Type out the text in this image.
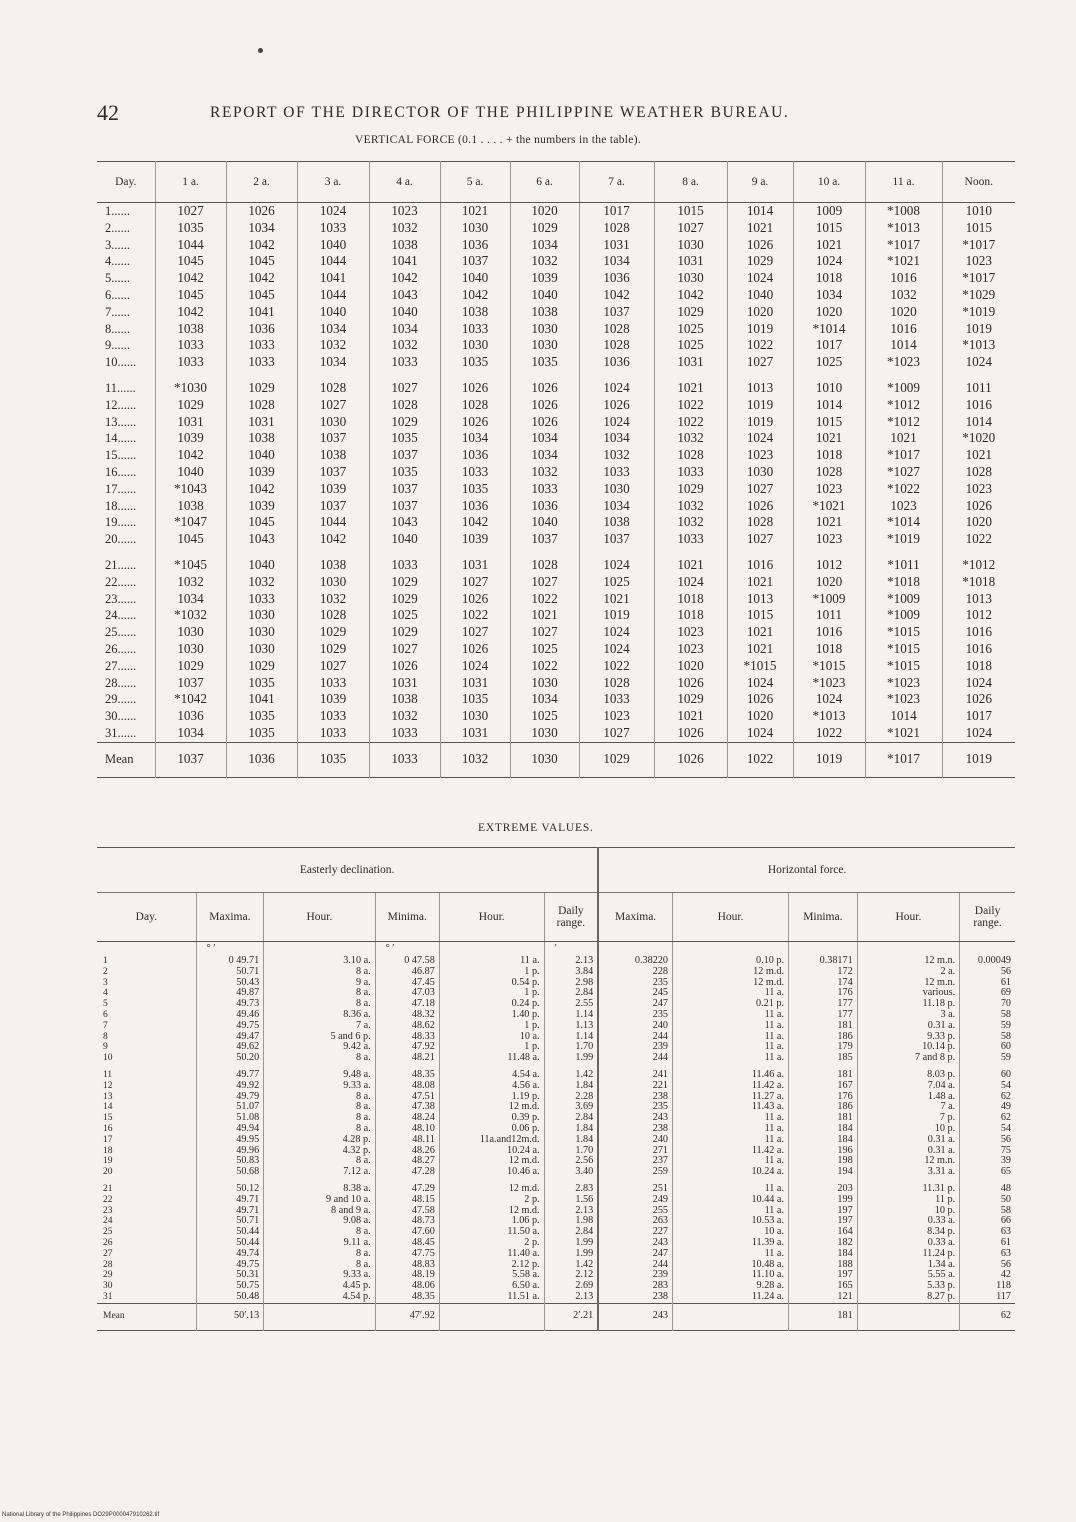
42	REPORT OF THE DIRECTOR OF THE PHILIPPINE WEATHER BUREAU.
VERTICAL FORCE (0.1 . . . . + the numbers in the table).
Day.	1 a.	2 a.	3 a.	4 a.	5 a.	6 a.	7 a.	8 a.	9 a.	10 a.	11 a.	Noon.
1......	1027	1026	1024	1023	1021	1020	1017	1015	1014	1009	*1008	1010
2......	1035	1034	1033	1032	1030	1029	1028	1027	1021	1015	*1013	1015
3......	1044	1042	1040	1038	1036	1034	1031	1030	1026	1021	*1017	*1017
4......	1045	1045	1044	1041	1037	1032	1034	1031	1029	1024	*1021	1023
5......	1042	1042	1041	1042	1040	1039	1036	1030	1024	1018	1016	*1017
6......	1045	1045	1044	1043	1042	1040	1042	1042	1040	1034	1032	*1029
7......	1042	1041	1040	1040	1038	1038	1037	1029	1020	1020	1020	*1019
8......	1038	1036	1034	1034	1033	1030	1028	1025	1019	*1014	1016	1019
9......	1033	1033	1032	1032	1030	1030	1028	1025	1022	1017	1014	*1013
10......	1033	1033	1034	1033	1035	1035	1036	1031	1027	1025	*1023	1024

11......	*1030	1029	1028	1027	1026	1026	1024	1021	1013	1010	*1009	1011
12......	1029	1028	1027	1028	1028	1026	1026	1022	1019	1014	*1012	1016
13......	1031	1031	1030	1029	1026	1026	1024	1022	1019	1015	*1012	1014
14......	1039	1038	1037	1035	1034	1034	1034	1032	1024	1021	1021	*1020
15......	1042	1040	1038	1037	1036	1034	1032	1028	1023	1018	*1017	1021
16......	1040	1039	1037	1035	1033	1032	1033	1033	1030	1028	*1027	1028
17......	*1043	1042	1039	1037	1035	1033	1030	1029	1027	1023	*1022	1023
18......	1038	1039	1037	1037	1036	1036	1034	1032	1026	*1021	1023	1026
19......	*1047	1045	1044	1043	1042	1040	1038	1032	1028	1021	*1014	1020
20......	1045	1043	1042	1040	1039	1037	1037	1033	1027	1023	*1019	1022

21......	*1045	1040	1038	1033	1031	1028	1024	1021	1016	1012	*1011	*1012
22......	1032	1032	1030	1029	1027	1027	1025	1024	1021	1020	*1018	*1018
23......	1034	1033	1032	1029	1026	1022	1021	1018	1013	*1009	*1009	1013
24......	*1032	1030	1028	1025	1022	1021	1019	1018	1015	1011	*1009	1012
25......	1030	1030	1029	1029	1027	1027	1024	1023	1021	1016	*1015	1016
26......	1030	1030	1029	1027	1026	1025	1024	1023	1021	1018	*1015	1016
27......	1029	1029	1027	1026	1024	1022	1022	1020	*1015	*1015	*1015	1018
28......	1037	1035	1033	1031	1031	1030	1028	1026	1024	*1023	*1023	1024
29......	*1042	1041	1039	1038	1035	1034	1033	1029	1026	1024	*1023	1026
30......	1036	1035	1033	1032	1030	1025	1023	1021	1020	*1013	1014	1017
31......	1034	1035	1033	1033	1031	1030	1027	1026	1024	1022	*1021	1024
Mean	1037	1036	1035	1033	1032	1030	1029	1026	1022	1019	*1017	1019
EXTREME VALUES.
Easterly declination.						Horizontal force.				
Day.	Maxima.	Hour.	Minima.	Hour.	Daily range.	Maxima.	Hour.	Minima.	Hour.	Daily range.
	° ′		° ′		′					
1	0 49.71	3.10 a.	0 47.58	11 a.	2.13	0.38220	0.10 p.	0.38171	12 m.n.	0.00049
2	50.71	8 a.	46.87	1 p.	3.84	228	12 m.d.	172	2 a.	56
3	50.43	9 a.	47.45	0.54 p.	2.98	235	12 m.d.	174	12 m.n.	61
4	49.87	8 a.	47.03	1 p.	2.84	245	11 a.	176	various.	69
5	49.73	8 a.	47.18	0.24 p.	2.55	247	0.21 p.	177	11.18 p.	70
6	49.46	8.36 a.	48.32	1.40 p.	1.14	235	11 a.	177	3 a.	58
7	49.75	7 a.	48.62	1 p.	1.13	240	11 a.	181	0.31 a.	59
8	49.47	5 and 6 p.	48.33	10 a.	1.14	244	11 a.	186	9.33 p.	58
9	49.62	9.42 a.	47.92	1 p.	1.70	239	11 a.	179	10.14 p.	60
10	50.20	8 a.	48.21	11.48 a.	1.99	244	11 a.	185	7 and 8 p.	59

11	49.77	9.48 a.	48.35	4.54 a.	1.42	241	11.46 a.	181	8.03 p.	60
12	49.92	9.33 a.	48.08	4.56 a.	1.84	221	11.42 a.	167	7.04 a.	54
13	49.79	8 a.	47.51	1.19 p.	2.28	238	11.27 a.	176	1.48 a.	62
14	51.07	8 a.	47.38	12 m.d.	3.69	235	11.43 a.	186	7 a.	49
15	51.08	8 a.	48.24	0.39 p.	2.84	243	11 a.	181	7 p.	62
16	49.94	8 a.	48.10	0.06 p.	1.84	238	11 a.	184	10 p.	54
17	49.95	4.28 p.	48.11	11a.and12m.d.	1.84	240	11 a.	184	0.31 a.	56
18	49.96	4.32 p.	48.26	10.24 a.	1.70	271	11.42 a.	196	0.31 a.	75
19	50.83	8 a.	48.27	12 m.d.	2.56	237	11 a.	198	12 m.n.	39
20	50.68	7.12 a.	47.28	10.46 a.	3.40	259	10.24 a.	194	3.31 a.	65

21	50.12	8.38 a.	47.29	12 m.d.	2.83	251	11 a.	203	11.31 p.	48
22	49.71	9 and 10 a.	48.15	2 p.	1.56	249	10.44 a.	199	11 p.	50
23	49.71	8 and 9 a.	47.58	12 m.d.	2.13	255	11 a.	197	10 p.	58
24	50.71	9.08 a.	48.73	1.06 p.	1.98	263	10.53 a.	197	0.33 a.	66
25	50.44	8 a.	47.60	11.50 a.	2.84	227	10 a.	164	8.34 p.	63
26	50.44	9.11 a.	48.45	2 p.	1.99	243	11.39 a.	182	0.33 a.	61
27	49.74	8 a.	47.75	11.40 a.	1.99	247	11 a.	184	11.24 p.	63
28	49.75	8 a.	48.83	2.12 p.	1.42	244	10.48 a.	188	1.34 a.	56
29	50.31	9.33 a.	48.19	5.58 a.	2.12	239	11.10 a.	197	5.55 a.	42
30	50.75	4.45 p.	48.06	6.50 a.	2.69	283	9.28 a.	165	5.33 p.	118
31	50.48	4.54 p.	48.35	11.51 a.	2.13	238	11.24 a.	121	8.27 p.	117
Mean	50′.13		47′.92		2′.21	243		181		62
National Library of the Philippines DO29P000047910262.tif
